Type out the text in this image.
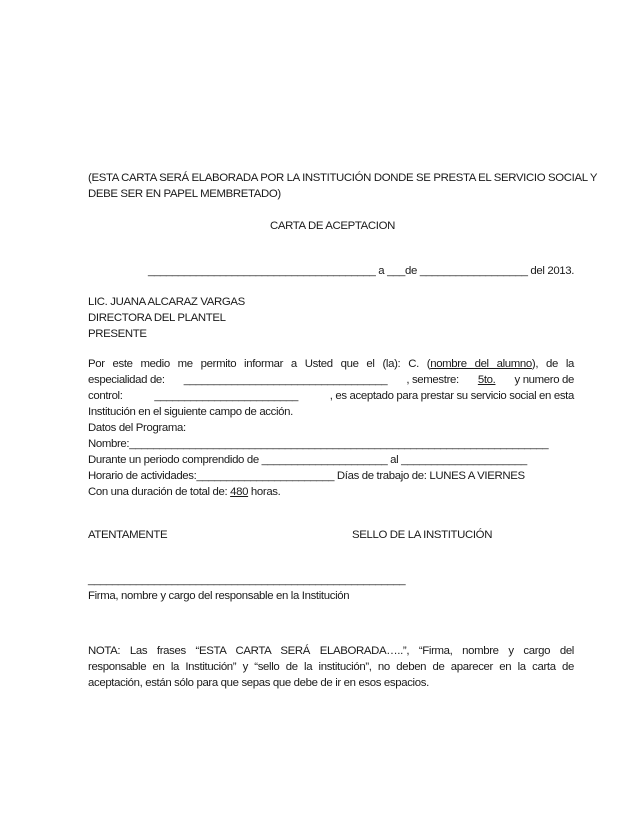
(ESTA CARTA SERÁ ELABORADA POR LA INSTITUCIÓN DONDE SE PRESTA EL SERVICIO SOCIAL Y
DEBE SER EN PAPEL MEMBRETADO)
CARTA DE ACEPTACION
______________________________________ a ___de __________________ del 2013.
LIC. JUANA ALCARAZ VARGAS
DIRECTORA DEL PLANTEL
PRESENTE
Por este medio me permito informar a Usted que el (la): C. (nombre del alumno), de la
especialidad de: __________________________________ , semestre: 5to. y numero de
control:	________________________	, es aceptado para prestar su servicio social en esta
Institución en el siguiente campo de acción.
Datos del Programa:
Nombre:______________________________________________________________________
Durante un periodo comprendido de _____________________ al _____________________
Horario de actividades:_______________________ Días de trabajo de: LUNES A VIERNES
Con una duración de total de: 480 horas.
ATENTAMENTE	SELLO DE LA INSTITUCIÓN
_____________________________________________________
Firma, nombre y cargo del responsable en la Institución
NOTA: Las frases “ESTA CARTA SERÁ ELABORADA…..”, “Firma, nombre y cargo del
responsable en la Institución” y “sello de la institución”, no deben de aparecer en la carta de
aceptación, están sólo para que sepas que debe de ir en esos espacios.
